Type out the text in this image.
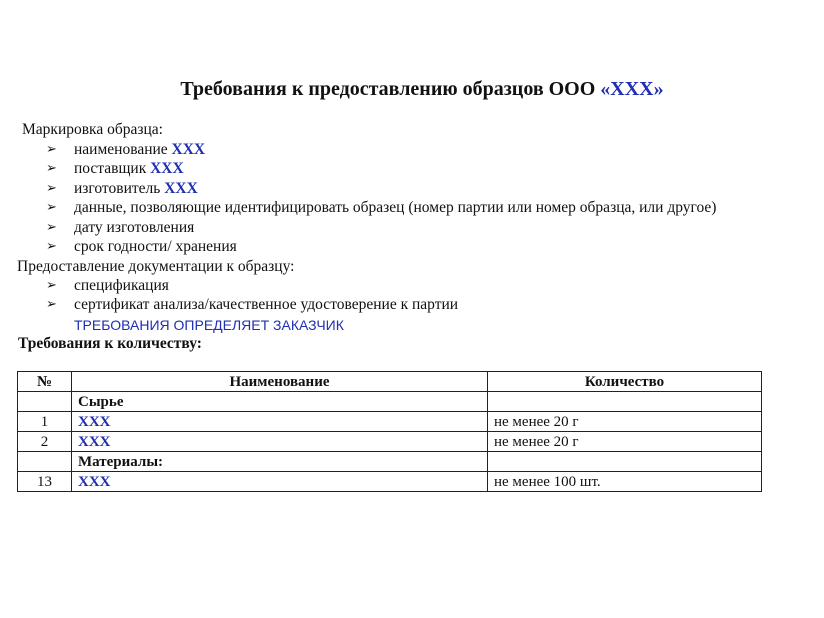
Требования к предоставлению образцов ООО «XXX»
Маркировка образца:
➢ наименование XXX
➢ поставщик XXX
➢ изготовитель XXX
➢ данные, позволяющие идентифицировать образец (номер партии или номер образца, или другое)
➢ дату изготовления
➢ срок годности/ хранения
Предоставление документации к образцу:
➢ спецификация
➢ сертификат анализа/качественное удостоверение к партии
ТРЕБОВАНИЯ ОПРЕДЕЛЯЕТ ЗАКАЗЧИК
Требования к количеству:
№	Наименование	Количество
	Сырье	
1	XXX	не менее 20 г
2	XXX	не менее 20 г
	Материалы:	
13	XXX	не менее 100 шт.
